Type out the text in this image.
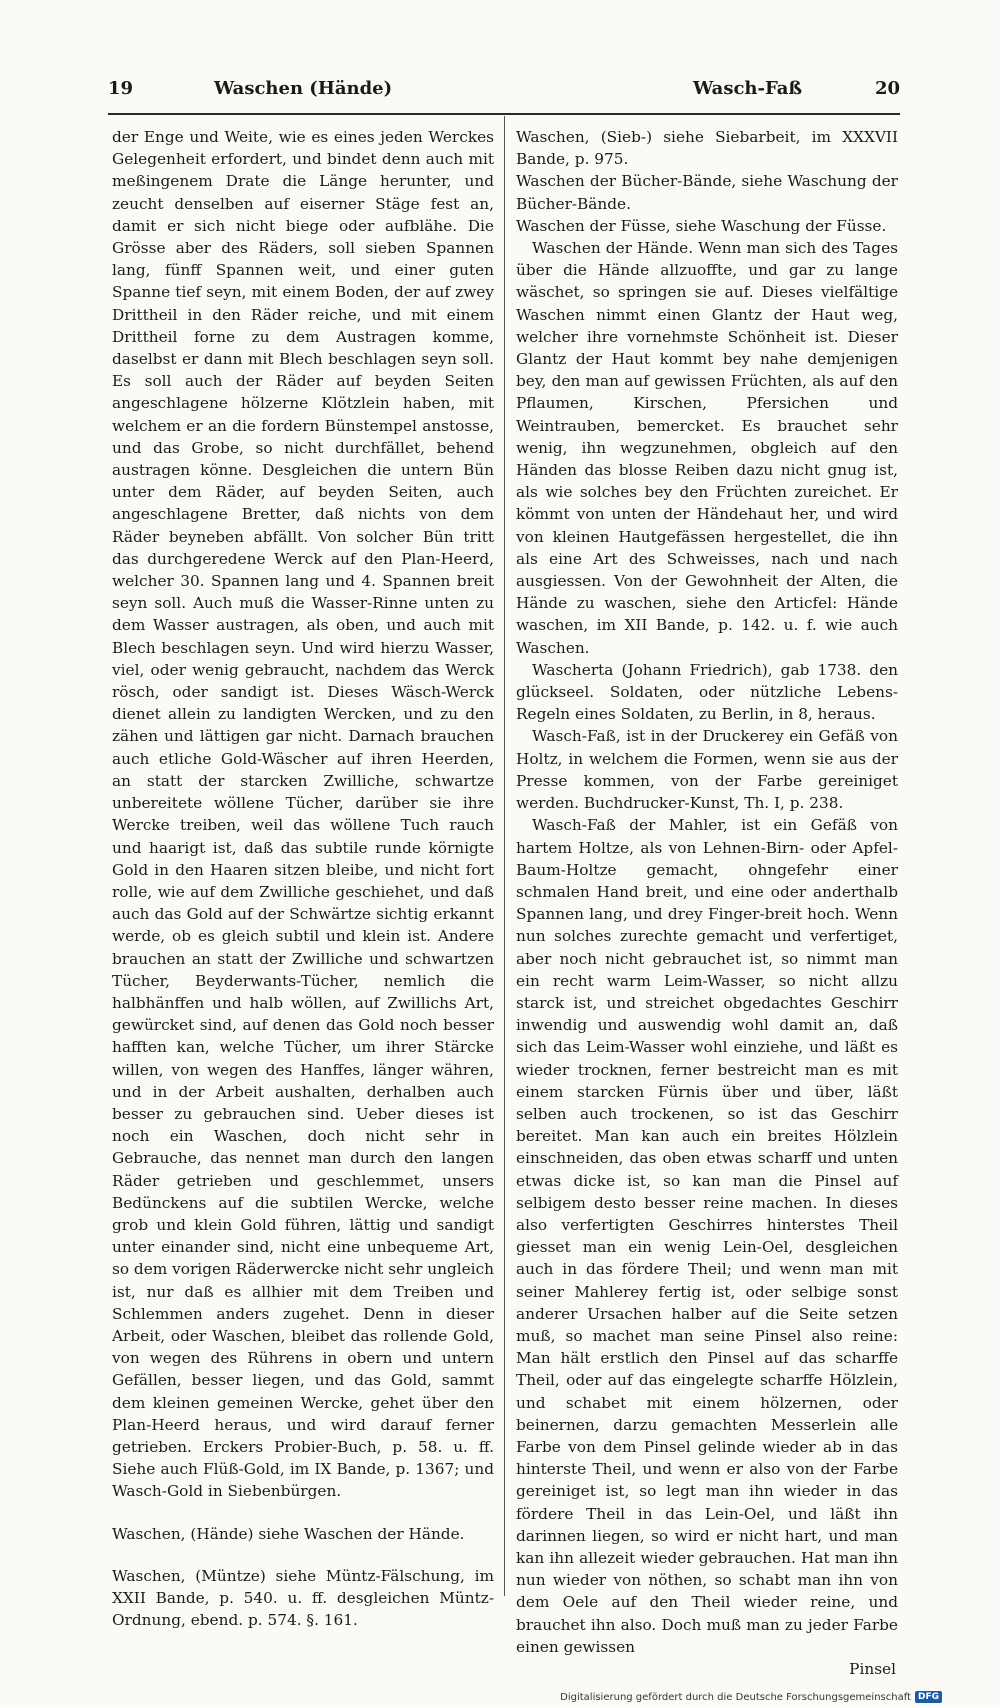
19	Waschen (Hände)	Wasch-Faß	20

der Enge und Weite, wie es eines jeden Werckes Gelegenheit erfordert, und bindet denn auch mit meßingenem Drate die Länge herunter, und zeucht denselben auf eiserner Stäge fest an, damit er sich nicht biege oder aufblähe. Die Grösse aber des Räders, soll sieben Spannen lang, fünff Spannen weit, und einer guten Spanne tief seyn, mit einem Boden, der auf zwey Drittheil in den Räder reiche, und mit einem Drittheil forne zu dem Austragen komme, daselbst er dann mit Blech beschlagen seyn soll. Es soll auch der Räder auf beyden Seiten angeschlagene hölzerne Klötzlein haben, mit welchem er an die fordern Bünstempel anstosse, und das Grobe, so nicht durchfället, behend austragen könne. Desgleichen die untern Bün unter dem Räder, auf beyden Seiten, auch angeschlagene Bretter, daß nichts von dem Räder beyneben abfällt. Von solcher Bün tritt das durchgeredene Werck auf den Plan-Heerd, welcher 30. Spannen lang und 4. Spannen breit seyn soll. Auch muß die Wasser-Rinne unten zu dem Wasser austragen, als oben, und auch mit Blech beschlagen seyn. Und wird hierzu Wasser, viel, oder wenig gebraucht, nachdem das Werck rösch, oder sandigt ist. Dieses Wäsch-Werck dienet allein zu landigten Wercken, und zu den zähen und lättigen gar nicht. Darnach brauchen auch etliche Gold-Wäscher auf ihren Heerden, an statt der starcken Zwilliche, schwartze unbereitete wöllene Tücher, darüber sie ihre Wercke treiben, weil das wöllene Tuch rauch und haarigt ist, daß das subtile runde körnigte Gold in den Haaren sitzen bleibe, und nicht fort rolle, wie auf dem Zwilliche geschiehet, und daß auch das Gold auf der Schwärtze sichtig erkannt werde, ob es gleich subtil und klein ist. Andere brauchen an statt der Zwilliche und schwartzen Tücher, Beyderwants-Tücher, nemlich die halbhänffen und halb wöllen, auf Zwillichs Art, gewürcket sind, auf denen das Gold noch besser hafften kan, welche Tücher, um ihrer Stärcke willen, von wegen des Hanffes, länger währen, und in der Arbeit aushalten, derhalben auch besser zu gebrauchen sind. Ueber dieses ist noch ein Waschen, doch nicht sehr in Gebrauche, das nennet man durch den langen Räder getrieben und geschlemmet, unsers Bedünckens auf die subtilen Wercke, welche grob und klein Gold führen, lättig und sandigt unter einander sind, nicht eine unbequeme Art, so dem vorigen Räderwercke nicht sehr ungleich ist, nur daß es allhier mit dem Treiben und Schlemmen anders zugehet. Denn in dieser Arbeit, oder Waschen, bleibet das rollende Gold, von wegen des Rührens in obern und untern Gefällen, besser liegen, und das Gold, sammt dem kleinen gemeinen Wercke, gehet über den Plan-Heerd heraus, und wird darauf ferner getrieben. Erckers Probier-Buch, p. 58. u. ff. Siehe auch Flüß-Gold, im IX Bande, p. 1367; und Wasch-Gold in Siebenbürgen.

Waschen, (Hände) siehe Waschen der Hände.

Waschen, (Müntze) siehe Müntz-Fälschung, im XXII Bande, p. 540. u. ff. desgleichen Müntz-Ordnung, ebend. p. 574. §. 161.

Waschen, (Sieb-) siehe Siebarbeit, im XXXVII Bande, p. 975.

Waschen der Bücher-Bände, siehe Waschung der Bücher-Bände.

Waschen der Füsse, siehe Waschung der Füsse.

Waschen der Hände. Wenn man sich des Tages über die Hände allzuoffte, und gar zu lange wäschet, so springen sie auf. Dieses vielfältige Waschen nimmt einen Glantz der Haut weg, welcher ihre vornehmste Schönheit ist. Dieser Glantz der Haut kommt bey nahe demjenigen bey, den man auf gewissen Früchten, als auf den Pflaumen, Kirschen, Pfersichen und Weintrauben, bemercket. Es brauchet sehr wenig, ihn wegzunehmen, obgleich auf den Händen das blosse Reiben dazu nicht gnug ist, als wie solches bey den Früchten zureichet. Er kömmt von unten der Händehaut her, und wird von kleinen Hautgefässen hergestellet, die ihn als eine Art des Schweisses, nach und nach ausgiessen. Von der Gewohnheit der Alten, die Hände zu waschen, siehe den Articfel: Hände waschen, im XII Bande, p. 142. u. f. wie auch Waschen.

Wascherta (Johann Friedrich), gab 1738. den glückseel. Soldaten, oder nützliche Lebens-Regeln eines Soldaten, zu Berlin, in 8, heraus.

Wasch-Faß, ist in der Druckerey ein Gefäß von Holtz, in welchem die Formen, wenn sie aus der Presse kommen, von der Farbe gereiniget werden. Buchdrucker-Kunst, Th. I, p. 238.

Wasch-Faß der Mahler, ist ein Gefäß von hartem Holtze, als von Lehnen-Birn- oder Apfel-Baum-Holtze gemacht, ohngefehr einer schmalen Hand breit, und eine oder anderthalb Spannen lang, und drey Finger-breit hoch. Wenn nun solches zurechte gemacht und verfertiget, aber noch nicht gebrauchet ist, so nimmt man ein recht warm Leim-Wasser, so nicht allzu starck ist, und streichet obgedachtes Geschirr inwendig und auswendig wohl damit an, daß sich das Leim-Wasser wohl einziehe, und läßt es wieder trocknen, ferner bestreicht man es mit einem starcken Fürnis über und über, läßt selben auch trockenen, so ist das Geschirr bereitet. Man kan auch ein breites Hölzlein einschneiden, das oben etwas scharff und unten etwas dicke ist, so kan man die Pinsel auf selbigem desto besser reine machen. In dieses also verfertigten Geschirres hinterstes Theil giesset man ein wenig Lein-Oel, desgleichen auch in das fördere Theil; und wenn man mit seiner Mahlerey fertig ist, oder selbige sonst anderer Ursachen halber auf die Seite setzen muß, so machet man seine Pinsel also reine: Man hält erstlich den Pinsel auf das scharffe Theil, oder auf das eingelegte scharffe Hölzlein, und schabet mit einem hölzernen, oder beinernen, darzu gemachten Messerlein alle Farbe von dem Pinsel gelinde wieder ab in das hinterste Theil, und wenn er also von der Farbe gereiniget ist, so legt man ihn wieder in das fördere Theil in das Lein-Oel, und läßt ihn darinnen liegen, so wird er nicht hart, und man kan ihn allezeit wieder gebrauchen. Hat man ihn nun wieder von nöthen, so schabt man ihn von dem Oele auf den Theil wieder reine, und brauchet ihn also. Doch muß man zu jeder Farbe einen gewissen

Pinsel
Digitalisierung gefördert durch die Deutsche Forschungsgemeinschaft DFG
